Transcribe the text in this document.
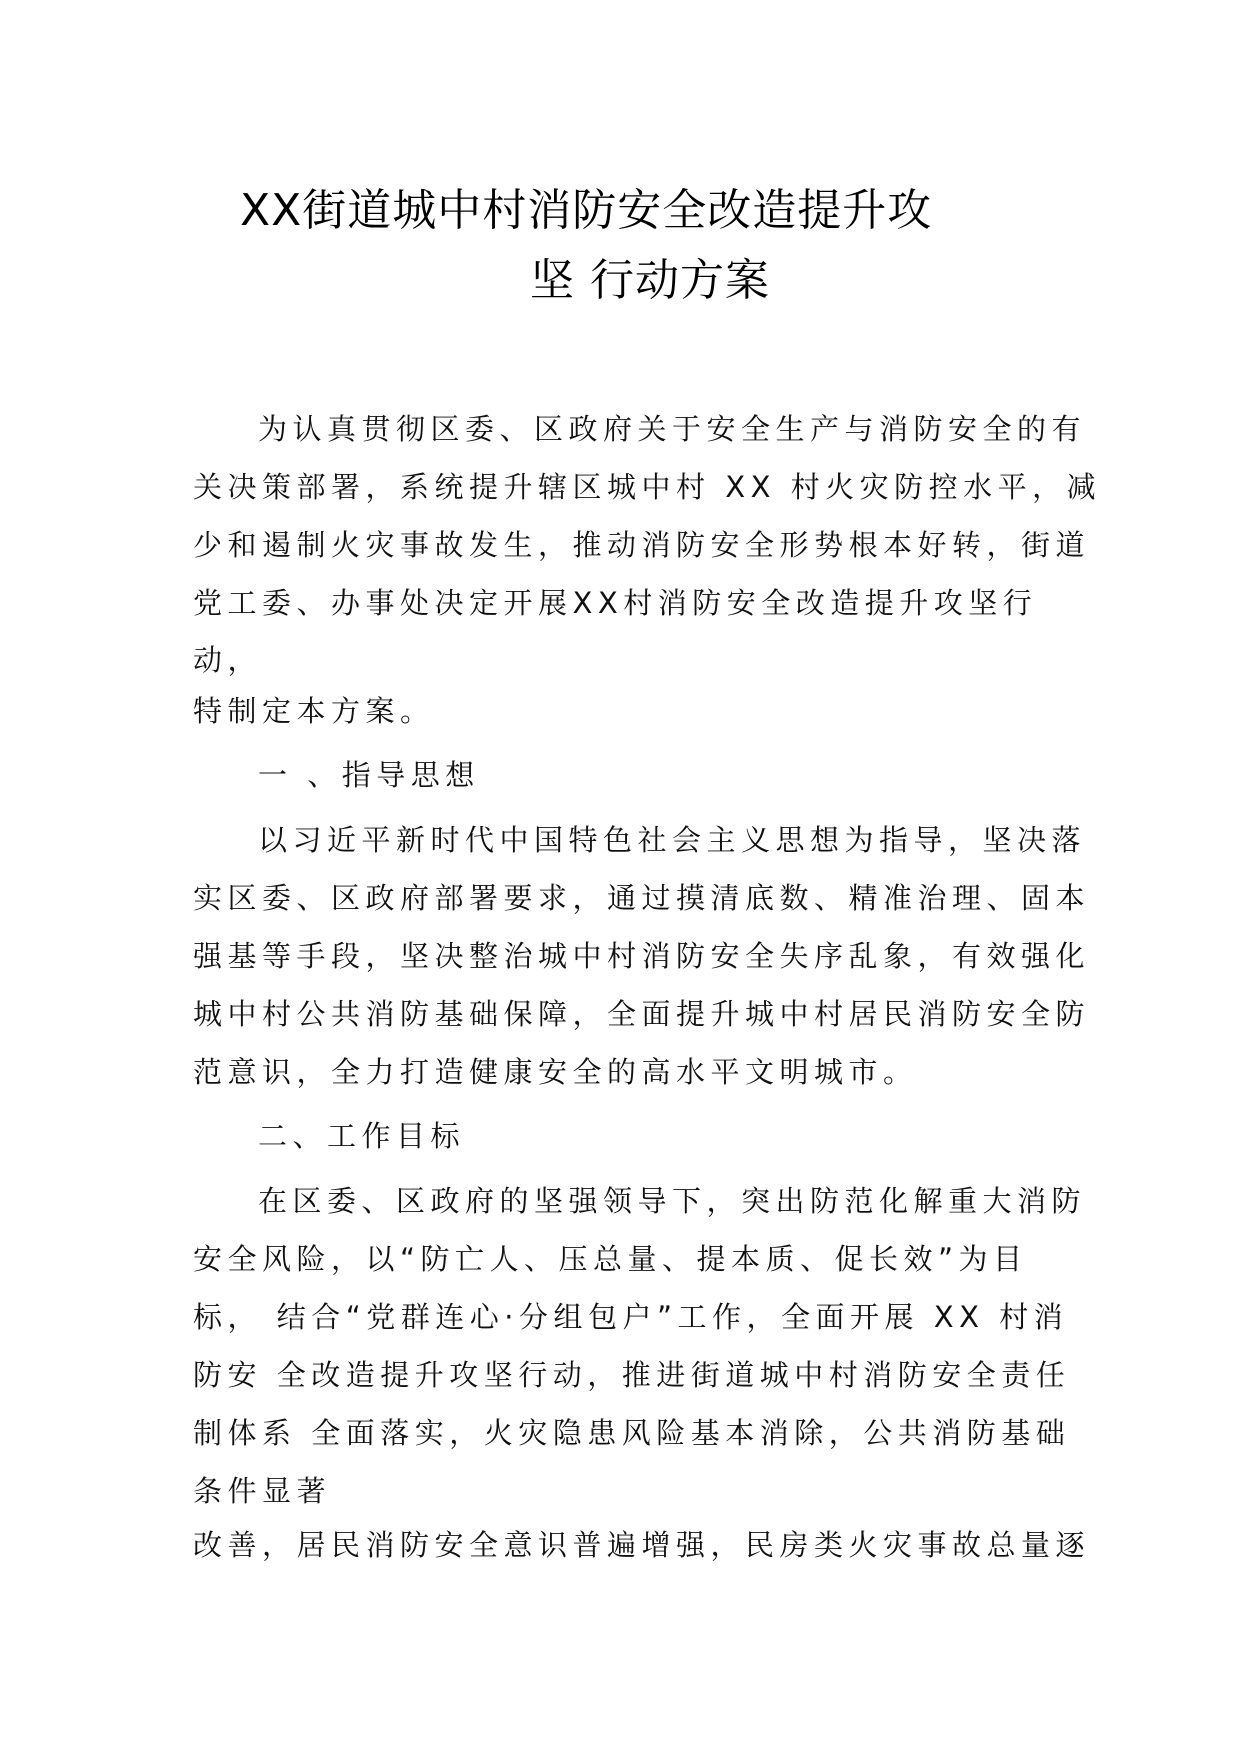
XX街道城中村消防安全改造提升攻
坚 行动方案
为认真贯彻区委、区政府关于安全生产与消防安全的有
关决策部署，系统提升辖区城中村 XX 村火灾防控水平，减
少和遏制火灾事故发生，推动消防安全形势根本好转，街道
党工委、办事处决定开展XX村消防安全改造提升攻坚行
动，
特制定本方案。
一 、指导思想
以习近平新时代中国特色社会主义思想为指导，坚决落
实区委、区政府部署要求，通过摸清底数、精准治理、固本
强基等手段，坚决整治城中村消防安全失序乱象，有效强化
城中村公共消防基础保障，全面提升城中村居民消防安全防
范意识，全力打造健康安全的高水平文明城市。
二、工作目标
在区委、区政府的坚强领导下，突出防范化解重大消防
安全风险，以“防亡人、压总量、提本质、促长效”为目
标， 结合“党群连心·分组包户”工作，全面开展 XX 村消
防安 全改造提升攻坚行动，推进街道城中村消防安全责任
制体系 全面落实，火灾隐患风险基本消除，公共消防基础
条件显著
改善，居民消防安全意识普遍增强，民房类火灾事故总量逐
